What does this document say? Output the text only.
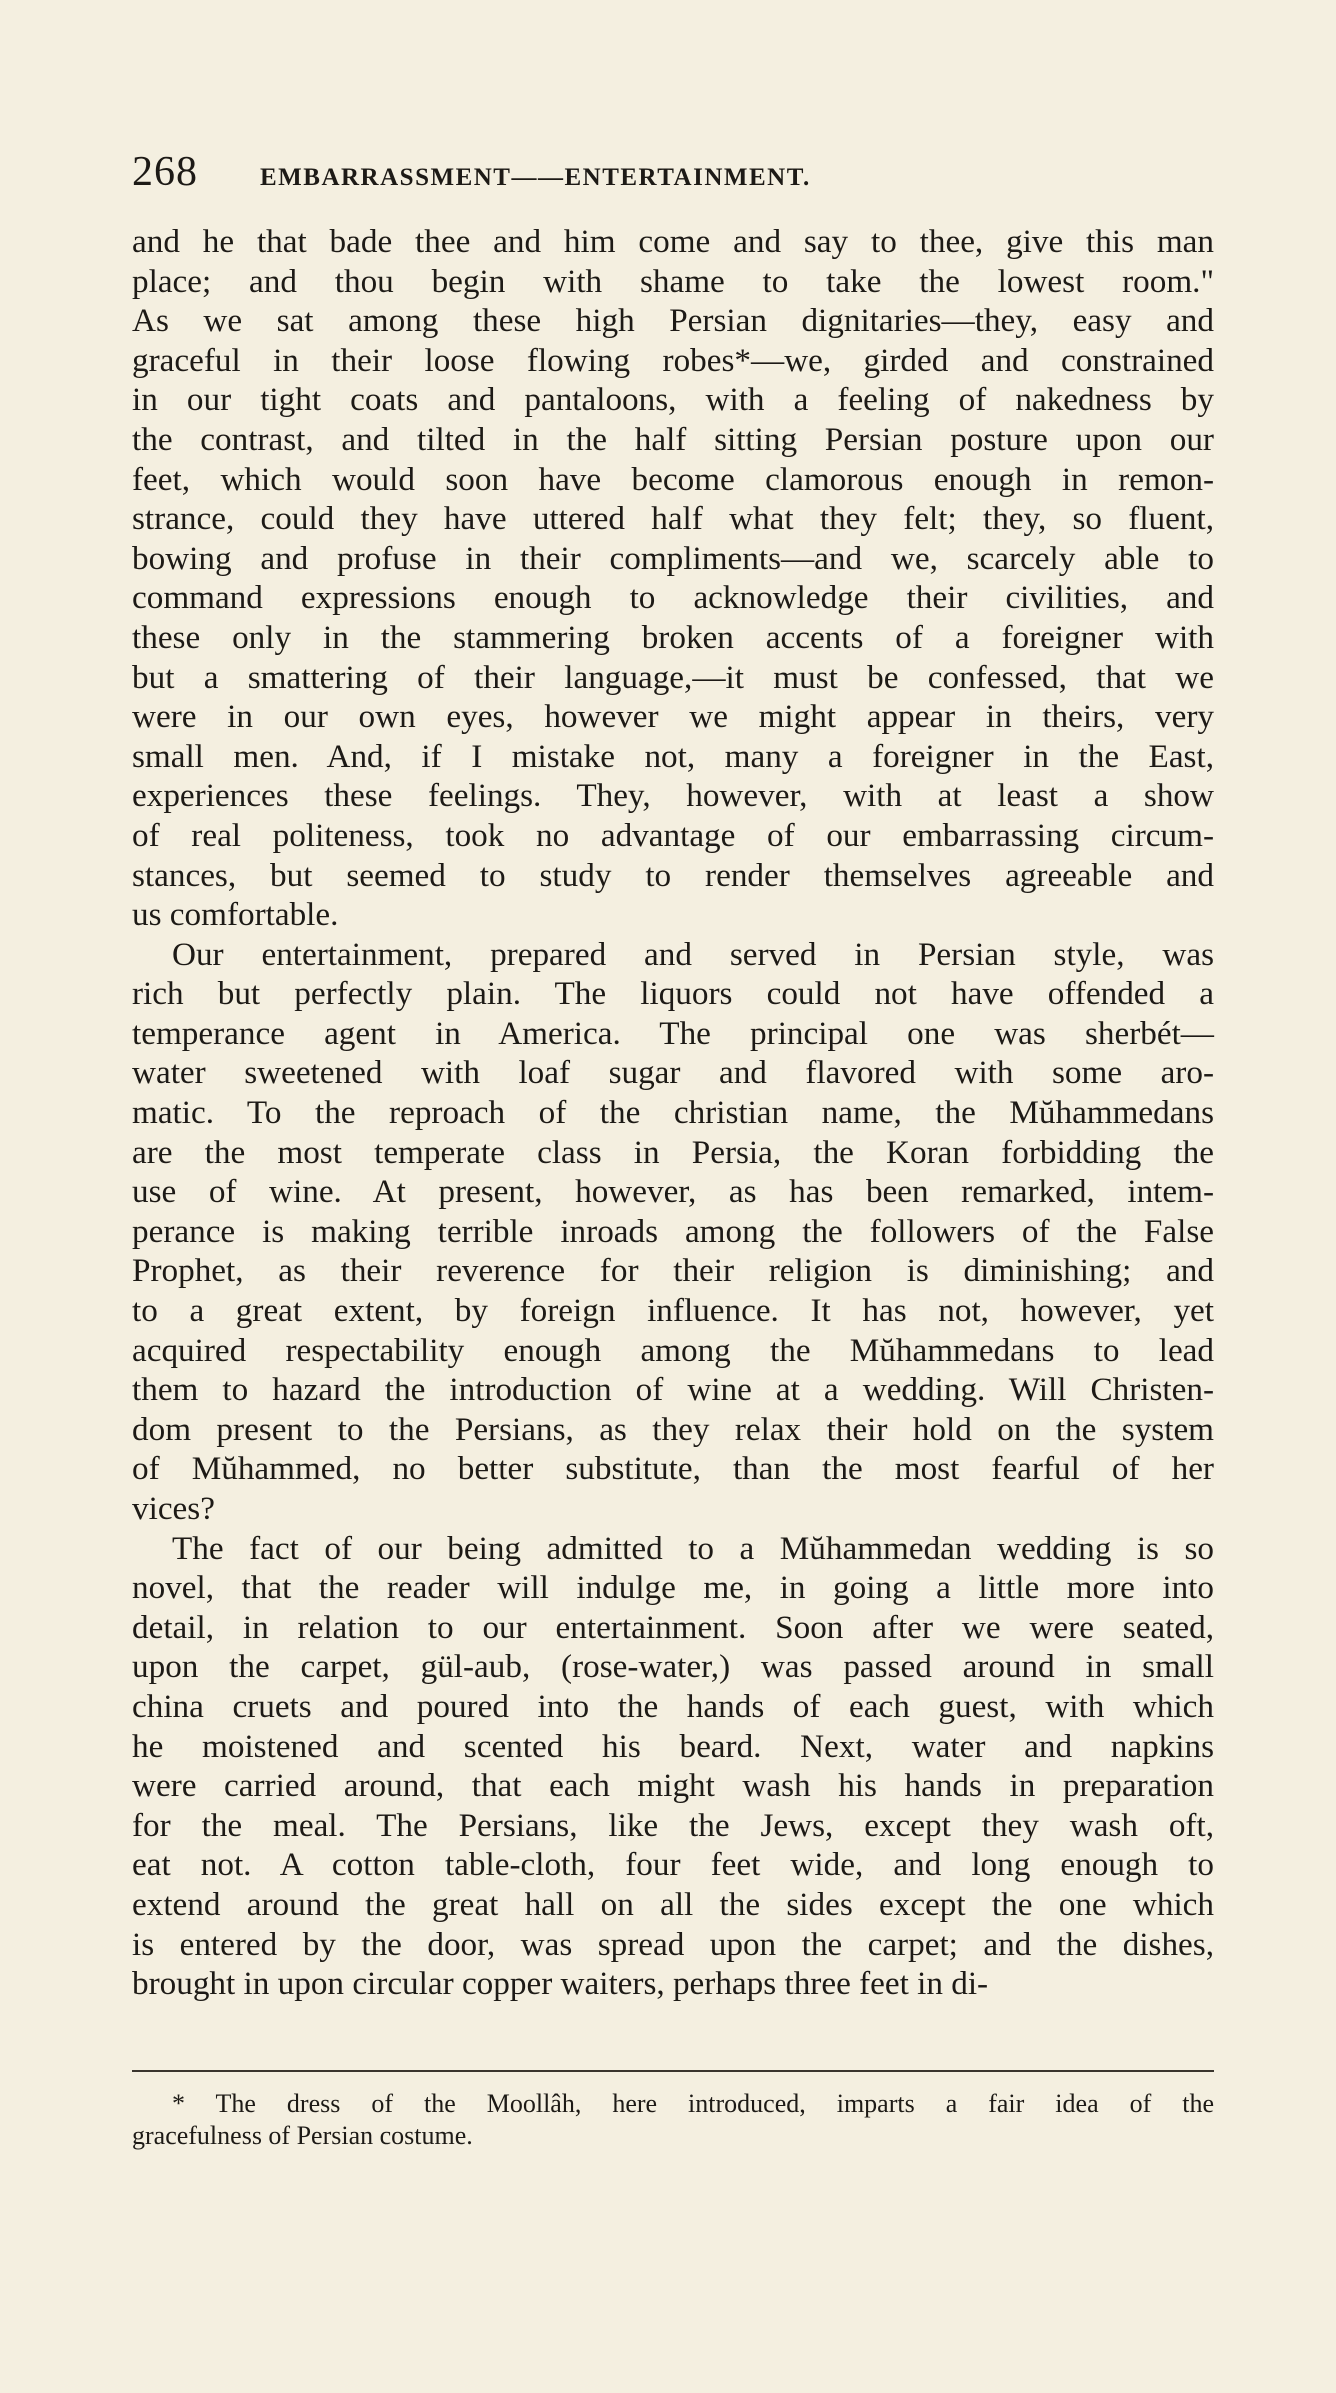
268 EMBARRASSMENT——ENTERTAINMENT.
and he that bade thee and him come and say to thee, give this man
place; and thou begin with shame to take the lowest room."
As we sat among these high Persian dignitaries—they, easy and
graceful in their loose flowing robes*—we, girded and constrained
in our tight coats and pantaloons, with a feeling of nakedness by
the contrast, and tilted in the half sitting Persian posture upon our
feet, which would soon have become clamorous enough in remon-
strance, could they have uttered half what they felt; they, so fluent,
bowing and profuse in their compliments—and we, scarcely able to
command expressions enough to acknowledge their civilities, and
these only in the stammering broken accents of a foreigner with
but a smattering of their language,—it must be confessed, that we
were in our own eyes, however we might appear in theirs, very
small men. And, if I mistake not, many a foreigner in the East,
experiences these feelings. They, however, with at least a show
of real politeness, took no advantage of our embarrassing circum-
stances, but seemed to study to render themselves agreeable and
us comfortable.
Our entertainment, prepared and served in Persian style, was
rich but perfectly plain. The liquors could not have offended a
temperance agent in America. The principal one was sherbét—
water sweetened with loaf sugar and flavored with some aro-
matic. To the reproach of the christian name, the Mŭhammedans
are the most temperate class in Persia, the Koran forbidding the
use of wine. At present, however, as has been remarked, intem-
perance is making terrible inroads among the followers of the False
Prophet, as their reverence for their religion is diminishing; and
to a great extent, by foreign influence. It has not, however, yet
acquired respectability enough among the Mŭhammedans to lead
them to hazard the introduction of wine at a wedding. Will Christen-
dom present to the Persians, as they relax their hold on the system
of Mŭhammed, no better substitute, than the most fearful of her
vices?
The fact of our being admitted to a Mŭhammedan wedding is so
novel, that the reader will indulge me, in going a little more into
detail, in relation to our entertainment. Soon after we were seated,
upon the carpet, gül-aub, (rose-water,) was passed around in small
china cruets and poured into the hands of each guest, with which
he moistened and scented his beard. Next, water and napkins
were carried around, that each might wash his hands in preparation
for the meal. The Persians, like the Jews, except they wash oft,
eat not. A cotton table-cloth, four feet wide, and long enough to
extend around the great hall on all the sides except the one which
is entered by the door, was spread upon the carpet; and the dishes,
brought in upon circular copper waiters, perhaps three feet in di-
* The dress of the Moollâh, here introduced, imparts a fair idea of the
gracefulness of Persian costume.
